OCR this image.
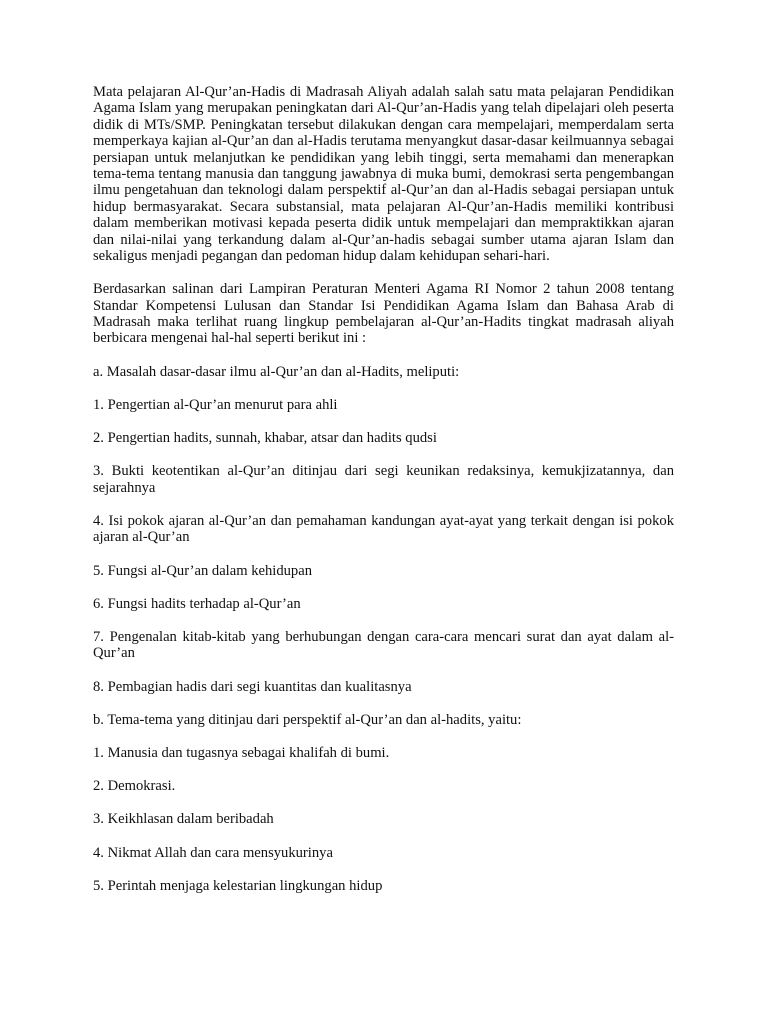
Mata pelajaran Al-Qur’an-Hadis di Madrasah Aliyah adalah salah satu mata pelajaran Pendidikan Agama Islam yang merupakan peningkatan dari Al-Qur’an-Hadis yang telah dipelajari oleh peserta didik di MTs/SMP. Peningkatan tersebut dilakukan dengan cara mempelajari, memperdalam serta memperkaya kajian al-Qur’an dan al-Hadis terutama menyangkut dasar-dasar keilmuannya sebagai persiapan untuk melanjutkan ke pendidikan yang lebih tinggi, serta memahami dan menerapkan tema-tema tentang manusia dan tanggung jawabnya di muka bumi, demokrasi serta pengembangan ilmu pengetahuan dan teknologi dalam perspektif al-Qur’an dan al-Hadis sebagai persiapan untuk hidup bermasyarakat. Secara substansial, mata pelajaran Al-Qur’an-Hadis memiliki kontribusi dalam memberikan motivasi kepada peserta didik untuk mempelajari dan mempraktikkan ajaran dan nilai-nilai yang terkandung dalam al-Qur’an-hadis sebagai sumber utama ajaran Islam dan sekaligus menjadi pegangan dan pedoman hidup dalam kehidupan sehari-hari.

Berdasarkan salinan dari Lampiran Peraturan Menteri Agama RI Nomor 2 tahun 2008 tentang Standar Kompetensi Lulusan dan Standar Isi Pendidikan Agama Islam dan Bahasa Arab di Madrasah maka terlihat ruang lingkup pembelajaran al-Qur’an-Hadits tingkat madrasah aliyah berbicara mengenai hal-hal seperti berikut ini :

a. Masalah dasar-dasar ilmu al-Qur’an dan al-Hadits, meliputi:

1. Pengertian al-Qur’an menurut para ahli

2. Pengertian hadits, sunnah, khabar, atsar dan hadits qudsi

3. Bukti keotentikan al-Qur’an ditinjau dari segi keunikan redaksinya, kemukjizatannya, dan sejarahnya

4. Isi pokok ajaran al-Qur’an dan pemahaman kandungan ayat-ayat yang terkait dengan isi pokok ajaran al-Qur’an

5. Fungsi al-Qur’an dalam kehidupan

6. Fungsi hadits terhadap al-Qur’an

7. Pengenalan kitab-kitab yang berhubungan dengan cara-cara mencari surat dan ayat dalam al-Qur’an

8. Pembagian hadis dari segi kuantitas dan kualitasnya

b. Tema-tema yang ditinjau dari perspektif al-Qur’an dan al-hadits, yaitu:

1. Manusia dan tugasnya sebagai khalifah di bumi.

2. Demokrasi.

3. Keikhlasan dalam beribadah

4. Nikmat Allah dan cara mensyukurinya

5. Perintah menjaga kelestarian lingkungan hidup
